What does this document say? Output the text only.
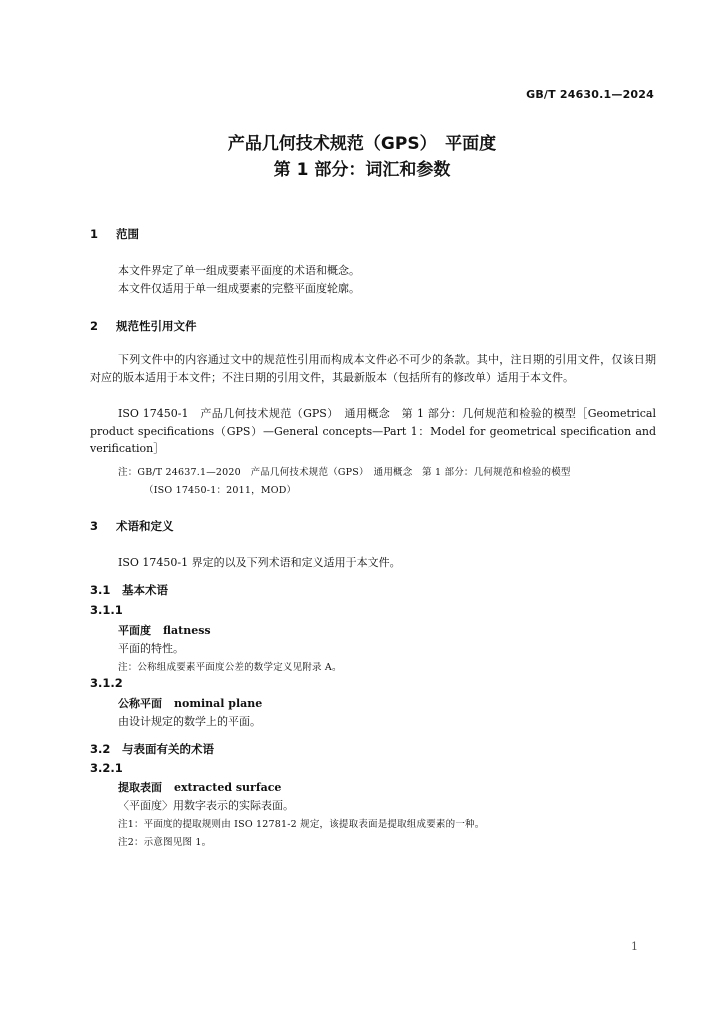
GB/T 24630.1—2024
产品几何技术规范（GPS）　平面度
第 1 部分：词汇和参数
1 范围
本文件界定了单一组成要素平面度的术语和概念。
本文件仅适用于单一组成要素的完整平面度轮廓。
2 规范性引用文件
下列文件中的内容通过文中的规范性引用而构成本文件必不可少的条款。其中，注日期的引用文件，仅该日期对应的版本适用于本文件；不注日期的引用文件，其最新版本（包括所有的修改单）适用于本文件。
ISO 17450-1　产品几何技术规范（GPS）　通用概念　第 1 部分：几何规范和检验的模型［Geometrical product specifications（GPS）—General concepts—Part 1：Model for geometrical specification and verification］
注：GB/T 24637.1—2020　产品几何技术规范（GPS）　通用概念　第 1 部分：几何规范和检验的模型
（ISO 17450-1：2011，MOD）
3 术语和定义
ISO 17450-1 界定的以及下列术语和定义适用于本文件。
3.1 基本术语
3.1.1
平面度 flatness
平面的特性。
注：公称组成要素平面度公差的数学定义见附录 A。
3.1.2
公称平面 nominal plane
由设计规定的数学上的平面。
3.2 与表面有关的术语
3.2.1
提取表面 extracted surface
〈平面度〉用数字表示的实际表面。
注1：平面度的提取规则由 ISO 12781-2 规定，该提取表面是提取组成要素的一种。
注2：示意图见图 1。
1
